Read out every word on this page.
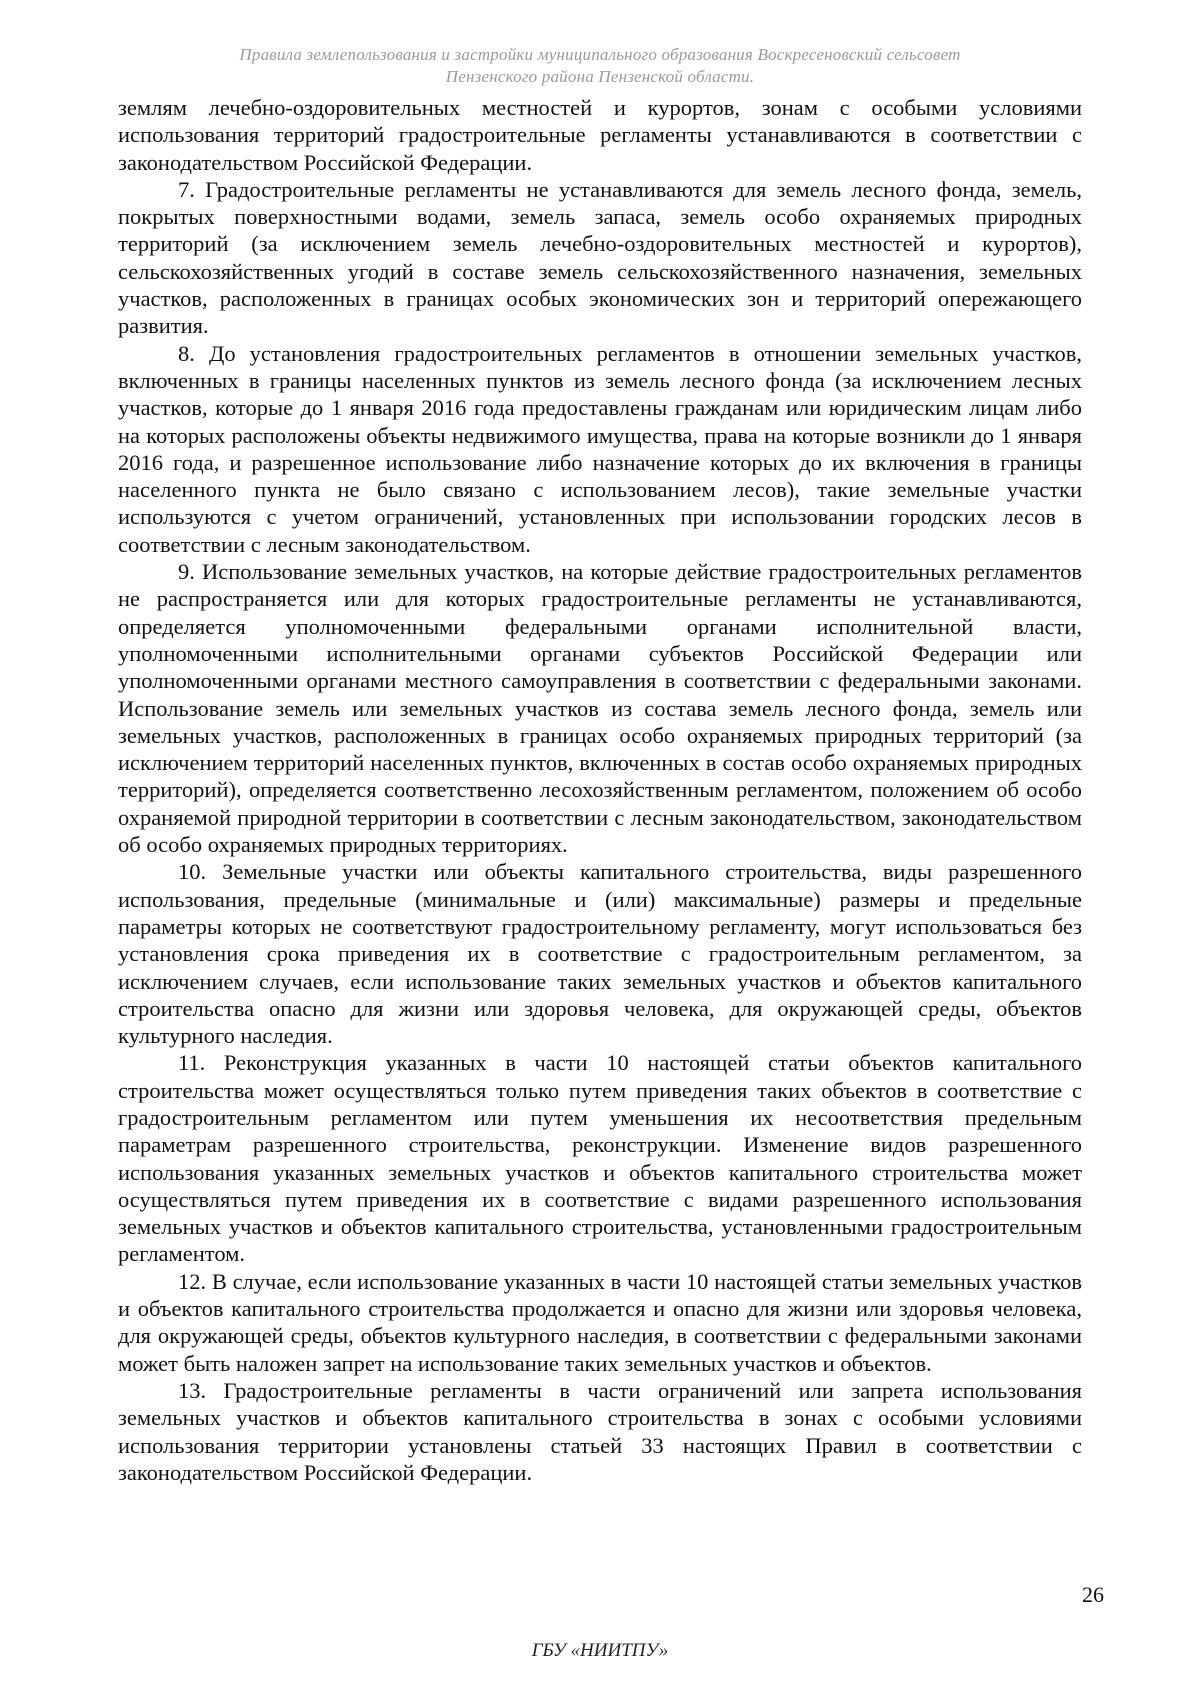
Правила землепользования и застройки муниципального образования Воскресеновский сельсовет
Пензенского района Пензенской области.

землям лечебно-оздоровительных местностей и курортов, зонам с особыми условиями использования территорий градостроительные регламенты устанавливаются в соответствии с законодательством Российской Федерации.

7. Градостроительные регламенты не устанавливаются для земель лесного фонда, земель, покрытых поверхностными водами, земель запаса, земель особо охраняемых природных территорий (за исключением земель лечебно-оздоровительных местностей и курортов), сельскохозяйственных угодий в составе земель сельскохозяйственного назначения, земельных участков, расположенных в границах особых экономических зон и территорий опережающего развития.

8. До установления градостроительных регламентов в отношении земельных участков, включенных в границы населенных пунктов из земель лесного фонда (за исключением лесных участков, которые до 1 января 2016 года предоставлены гражданам или юридическим лицам либо на которых расположены объекты недвижимого имущества, права на которые возникли до 1 января 2016 года, и разрешенное использование либо назначение которых до их включения в границы населенного пункта не было связано с использованием лесов), такие земельные участки используются с учетом ограничений, установленных при использовании городских лесов в соответствии с лесным законодательством.

9. Использование земельных участков, на которые действие градостроительных регламентов не распространяется или для которых градостроительные регламенты не устанавливаются, определяется уполномоченными федеральными органами исполнительной власти, уполномоченными исполнительными органами субъектов Российской Федерации или уполномоченными органами местного самоуправления в соответствии с федеральными законами. Использование земель или земельных участков из состава земель лесного фонда, земель или земельных участков, расположенных в границах особо охраняемых природных территорий (за исключением территорий населенных пунктов, включенных в состав особо охраняемых природных территорий), определяется соответственно лесохозяйственным регламентом, положением об особо охраняемой природной территории в соответствии с лесным законодательством, законодательством об особо охраняемых природных территориях.

10. Земельные участки или объекты капитального строительства, виды разрешенного использования, предельные (минимальные и (или) максимальные) размеры и предельные параметры которых не соответствуют градостроительному регламенту, могут использоваться без установления срока приведения их в соответствие с градостроительным регламентом, за исключением случаев, если использование таких земельных участков и объектов капитального строительства опасно для жизни или здоровья человека, для окружающей среды, объектов культурного наследия.

11. Реконструкция указанных в части 10 настоящей статьи объектов капитального строительства может осуществляться только путем приведения таких объектов в соответствие с градостроительным регламентом или путем уменьшения их несоответствия предельным параметрам разрешенного строительства, реконструкции. Изменение видов разрешенного использования указанных земельных участков и объектов капитального строительства может осуществляться путем приведения их в соответствие с видами разрешенного использования земельных участков и объектов капитального строительства, установленными градостроительным регламентом.

12. В случае, если использование указанных в части 10 настоящей статьи земельных участков и объектов капитального строительства продолжается и опасно для жизни или здоровья человека, для окружающей среды, объектов культурного наследия, в соответствии с федеральными законами может быть наложен запрет на использование таких земельных участков и объектов.

13. Градостроительные регламенты в части ограничений или запрета использования земельных участков и объектов капитального строительства в зонах с особыми условиями использования территории установлены статьей 33 настоящих Правил в соответствии с законодательством Российской Федерации.

26
ГБУ «НИИТПУ»
